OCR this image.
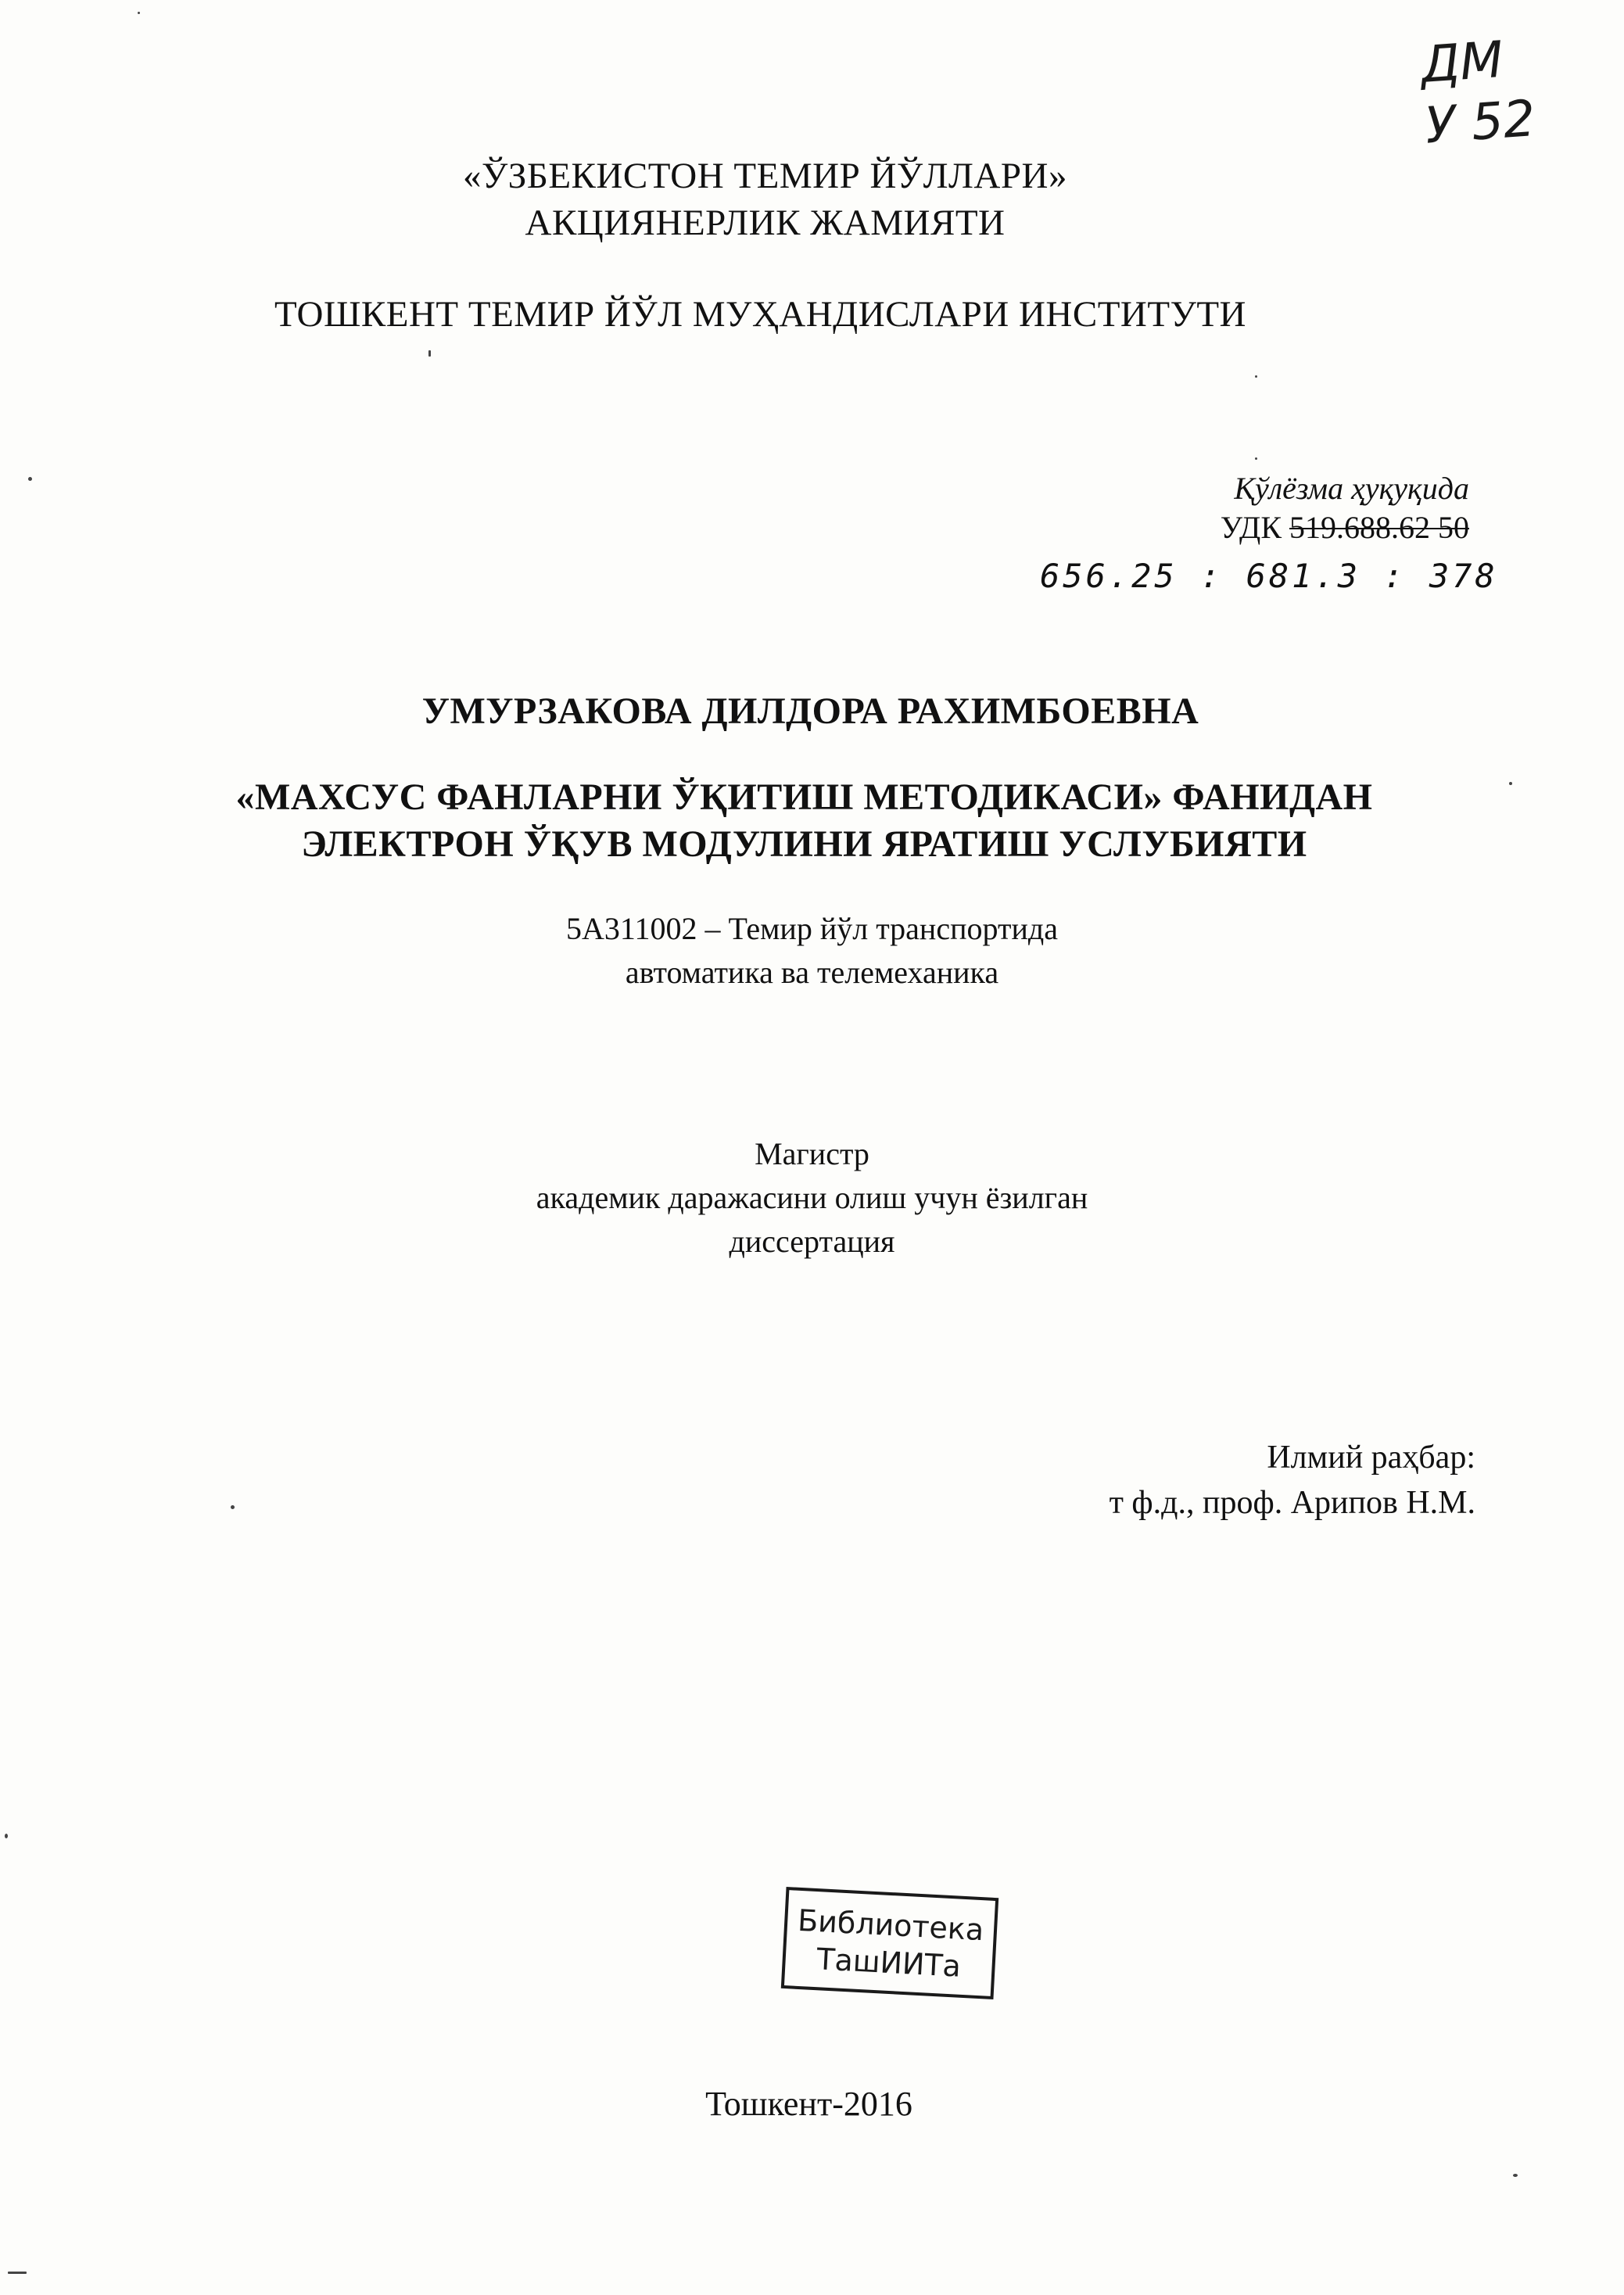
ДМ
У 52
«ЎЗБЕКИСТОН ТЕМИР ЙЎЛЛАРИ»
АКЦИЯНЕРЛИК ЖАМИЯТИ
ТОШКЕНТ ТЕМИР ЙЎЛ МУҲАНДИСЛАРИ ИНСТИТУТИ
Қўлёзма ҳуқуқида
УДК 519.688.62 50
656.25 : 681.3 : 378
УМУРЗАКОВА ДИЛДОРА РАХИМБОЕВНА
«МАХСУС ФАНЛАРНИ ЎҚИТИШ МЕТОДИКАСИ» ФАНИДАН
ЭЛЕКТРОН ЎҚУВ МОДУЛИНИ ЯРАТИШ УСЛУБИЯТИ
5А311002 – Темир йўл транспортида
автоматика ва телемеханика
Магистр
академик даражасини олиш учун ёзилган
диссертация
Илмий раҳбар:
т ф.д., проф. Арипов Н.М.
Библиотека
ТашИИТа
Тошкент-2016
